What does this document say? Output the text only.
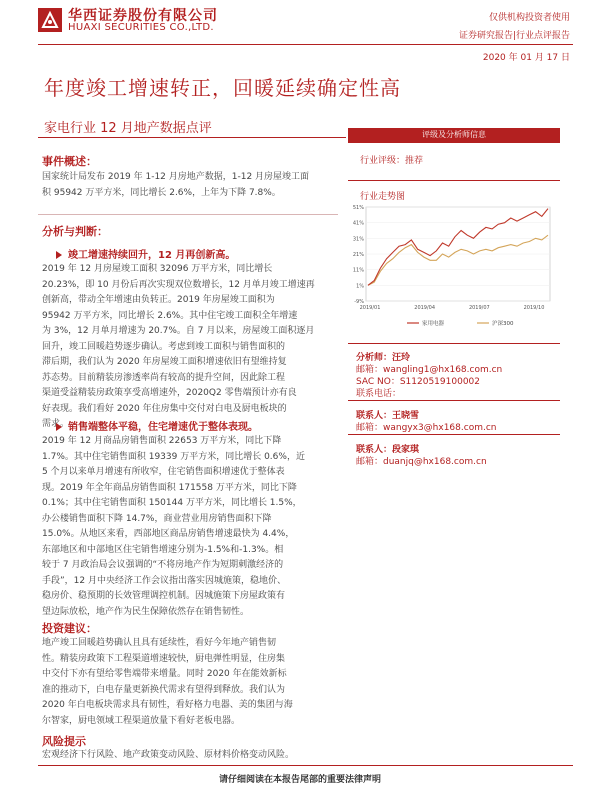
华西证券股份有限公司
HUAXI SECURITIES CO.,LTD.
仅供机构投资者使用
证券研究报告|行业点评报告
2020 年 01 月 17 日
年度竣工增速转正，回暖延续确定性高
家电行业 12 月地产数据点评
事件概述：
国家统计局发布 2019 年 1-12 月房地产数据，1-12 月房屋竣工面
积 95942 万平方米，同比增长 2.6%，上年为下降 7.8%。
分析与判断：
竣工增速持续回升，12 月再创新高。
2019 年 12 月房屋竣工面积 32096 万平方米，同比增长
20.23%，即 10 月份后再次实现双位数增长，12 月单月竣工增速再
创新高，带动全年增速由负转正。2019 年房屋竣工面积为
95942 万平方米，同比增长 2.6%。其中住宅竣工面积全年增速
为 3%，12 月单月增速为 20.7%。自 7 月以来，房屋竣工面积逐月
回升，竣工回暖趋势逐步确认。考虑到竣工面积与销售面积的
滞后期，我们认为 2020 年房屋竣工面积增速依旧有望维持复
苏态势。目前精装房渗透率尚有较高的提升空间，因此除工程
渠道受益精装房政策享受高增速外，2020Q2 零售端预计亦有良
好表现。我们看好 2020 年住房集中交付对白电及厨电板块的
需求。
销售端整体平稳，住宅增速优于整体表现。
2019 年 12 月商品房销售面积 22653 万平方米，同比下降
1.7%。其中住宅销售面积 19339 万平方米，同比增长 0.6%，近
5 个月以来单月增速有所收窄，住宅销售面积增速优于整体表
现。2019 年全年商品房销售面积 171558 万平方米，同比下降
0.1%；其中住宅销售面积 150144 万平方米，同比增长 1.5%，
办公楼销售面积下降 14.7%，商业营业用房销售面积下降
15.0%。从地区来看，西部地区商品房销售增速最快为 4.4%，
东部地区和中部地区住宅销售增速分别为-1.5%和-1.3%。相
较于 7 月政治局会议强调的“不将房地产作为短期刺激经济的
手段”，12 月中央经济工作会议指出落实因城施策，稳地价、
稳房价、稳预期的长效管理调控机制。因城施策下房屋政策有
望边际放松，地产作为民生保障依然存在销售韧性。
投资建议：
地产竣工回暖趋势确认且具有延续性，看好今年地产销售韧
性。精装房政策下工程渠道增速较快，厨电弹性明显，住房集
中交付下亦有望给零售端带来增量。同时 2020 年在能效新标
准的推动下，白电存量更新换代需求有望得到释放。我们认为
2020 年白电板块需求具有韧性，看好格力电器、美的集团与海
尔智家，厨电领域工程渠道放量下看好老板电器。
风险提示
宏观经济下行风险、地产政策变动风险、原材料价格变动风险。
评级及分析师信息
行业评级：推荐
行业走势图
51%
41%
31%
21%
11%
1%
-9%
2019/01	2019/04	2019/07	2019/10
家用电器	沪深300
分析师：汪玲
邮箱：wangling1@hx168.com.cn
SAC NO：S1120519100002
联系电话：
联系人：王晓雪
邮箱：wangyx3@hx168.com.cn
联系人：段家琪
邮箱：duanjq@hx168.com.cn
请仔细阅读在本报告尾部的重要法律声明
